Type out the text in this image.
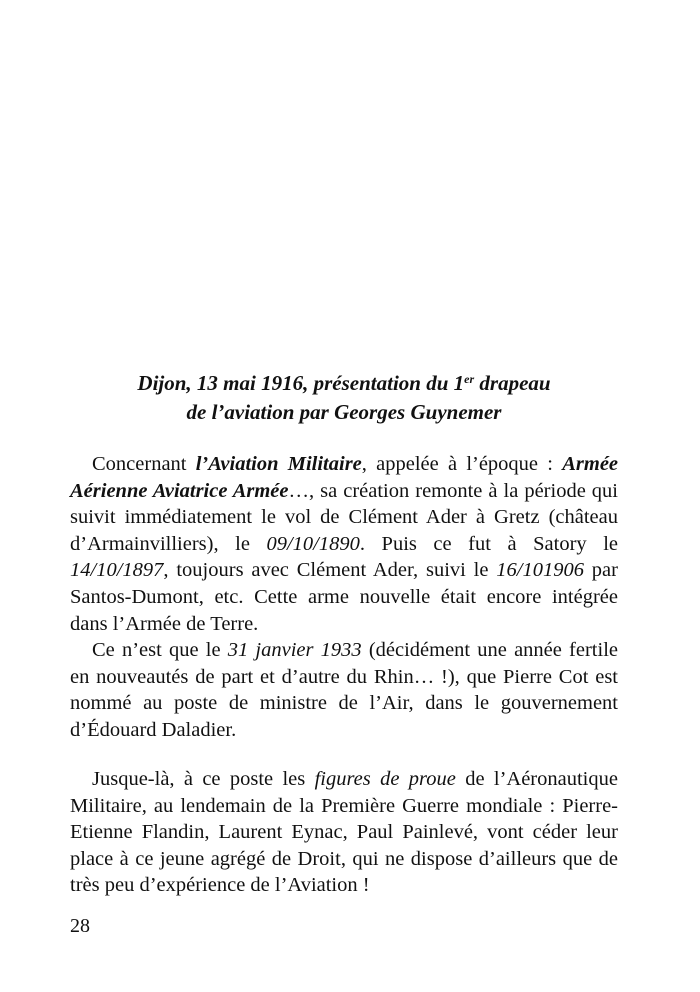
Dijon, 13 mai 1916, présentation du 1er drapeau
de l’aviation par Georges Guynemer

Concernant l’Aviation Militaire, appelée à l’époque : Armée Aérienne Aviatrice Armée…, sa création remonte à la période qui suivit immédiatement le vol de Clément Ader à Gretz (château d’Armainvilliers), le 09/10/1890. Puis ce fut à Satory le 14/10/1897, toujours avec Clément Ader, suivi le 16/101906 par Santos-Dumont, etc. Cette arme nouvelle était encore intégrée dans l’Armée de Terre.

Ce n’est que le 31 janvier 1933 (décidément une année fertile en nouveautés de part et d’autre du Rhin… !), que Pierre Cot est nommé au poste de ministre de l’Air, dans le gouvernement d’Édouard Daladier.

Jusque-là, à ce poste les figures de proue de l’Aéronautique Militaire, au lendemain de la Première Guerre mondiale : Pierre-Etienne Flandin, Laurent Eynac, Paul Painlevé, vont céder leur place à ce jeune agrégé de Droit, qui ne dispose d’ailleurs que de très peu d’expérience de l’Aviation !

28
